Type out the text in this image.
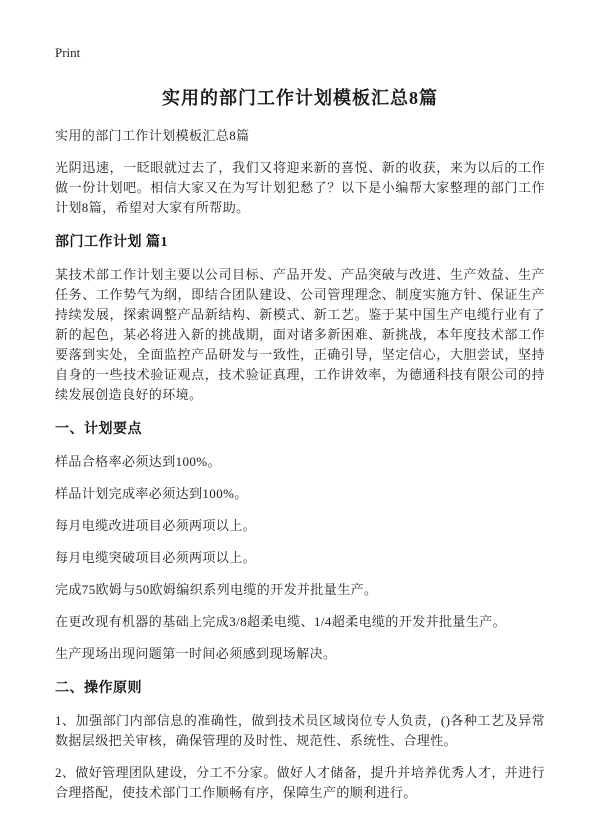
Print
实用的部门工作计划模板汇总8篇

实用的部门工作计划模板汇总8篇

光阴迅速，一眨眼就过去了，我们又将迎来新的喜悦、新的收获，来为以后的工作做一份计划吧。相信大家又在为写计划犯愁了？以下是小编帮大家整理的部门工作计划8篇，希望对大家有所帮助。

部门工作计划 篇1

某技术部工作计划主要以公司目标、产品开发、产品突破与改进、生产效益、生产任务、工作势气为纲，即结合团队建设、公司管理理念、制度实施方针、保证生产持续发展，探索调整产品新结构、新模式、新工艺。鉴于某中国生产电缆行业有了新的起色，某必将进入新的挑战期，面对诸多新困难、新挑战，本年度技术部工作要落到实处，全面监控产品研发与一致性，正确引导，坚定信心，大胆尝试，坚持自身的一些技术验证观点，技术验证真理，工作讲效率，为德通科技有限公司的持续发展创造良好的环境。

一、计划要点

样品合格率必须达到100%。

样品计划完成率必须达到100%。

每月电缆改进项目必须两项以上。

每月电缆突破项目必须两项以上。

完成75欧姆与50欧姆编织系列电缆的开发并批量生产。

在更改现有机器的基础上完成3/8超柔电缆、1/4超柔电缆的开发并批量生产。

生产现场出现问题第一时间必须感到现场解决。

二、操作原则

1、加强部门内部信息的准确性，做到技术员区域岗位专人负责，()各种工艺及异常数据层级把关审核，确保管理的及时性、规范性、系统性、合理性。

2、做好管理团队建设，分工不分家。做好人才储备，提升并培养优秀人才，并进行合理搭配，使技术部门工作顺畅有序，保障生产的顺利进行。
